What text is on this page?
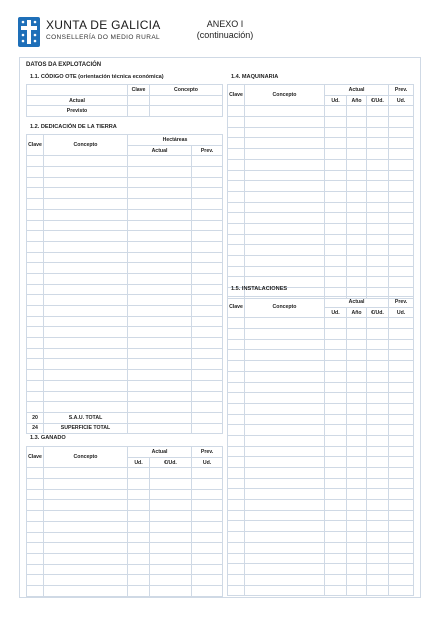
XUNTA DE GALICIA
CONSELLERÍA DO MEDIO RURAL
ANEXO I
(continuación)
DATOS DA EXPLOTACIÓN
1.1. CÓDIGO OTE (orientación técnica económica)
	Clave	Concepto
Actual		
Previsto		
1.2. DEDICACIÓN DE LA TIERRA
Clave	Concepto	Hectáreas	
		Actual	Prev.

20	S.A.U. TOTAL		
24	SUPERFICIE TOTAL		
1.3. GANADO
Clave	Concepto	Actual		Prev.
		Ud.	€/Ud.	Ud.

1.4. MAQUINARIA
Clave	Concepto	Actual			Prev.
		Ud.	Año	€/Ud.	Ud.

1.5. INSTALACIONES
Clave	Concepto	Actual			Prev.
		Ud.	Año	€/Ud.	Ud.
